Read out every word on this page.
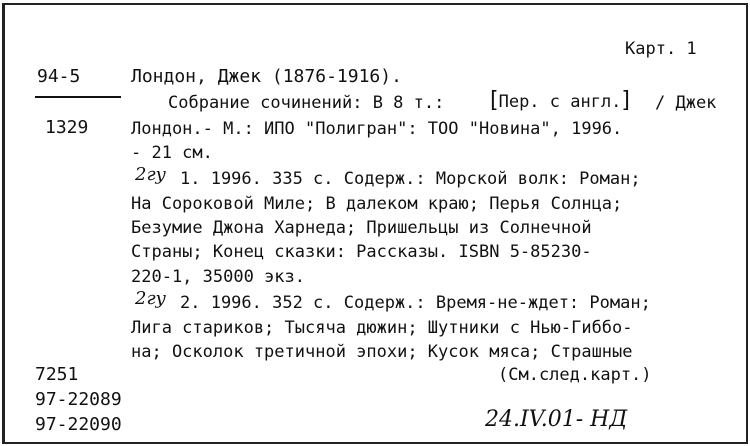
Карт. 1
94-5
1329
Лондон, Джек (1876-1916).
Собрание сочинений: В 8 т.: [Пер. с англ.] / Джек
Лондон.- М.: ИПО "Полигран": ТОО "Новина", 1996.
- 21 см.
2гу 1. 1996. 335 с. Содерж.: Морской волк: Роман;
На Сороковой Миле; В далеком краю; Перья Солнца;
Безумие Джона Харнеда; Пришельцы из Солнечной
Страны; Конец сказки: Рассказы. ISBN 5-85230-
220-1, 35000 экз.
2гу 2. 1996. 352 с. Содерж.: Время-не-ждет: Роман;
Лига стариков; Тысяча дюжин; Шутники с Нью-Гиббо-
на; Осколок третичной эпохи; Кусок мяса; Страшные
7251	(См.след.карт.)
97-22089
97-22090	24.IV.01- НД
